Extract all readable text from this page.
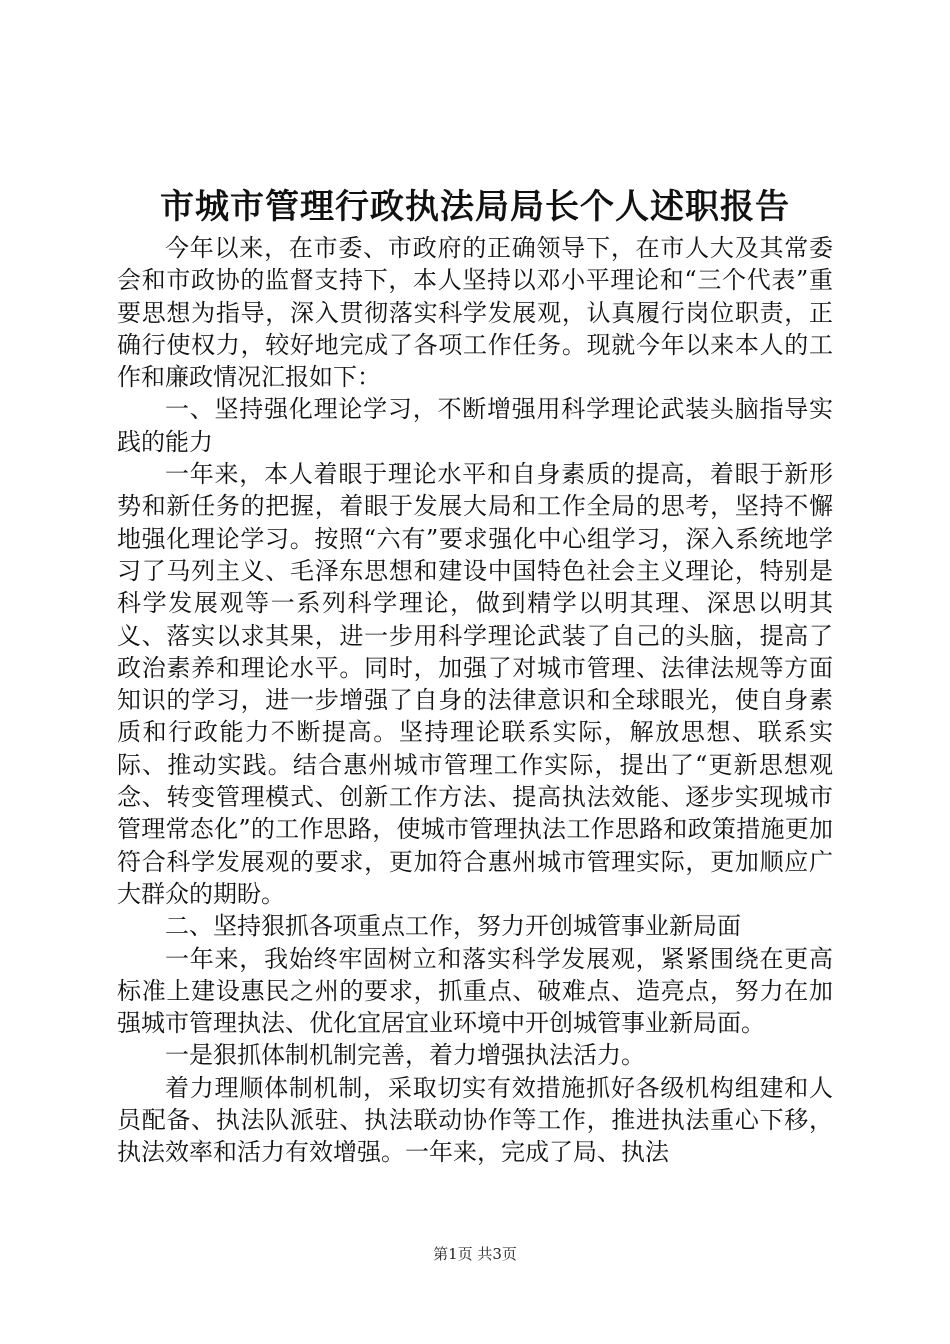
市城市管理行政执法局局长个人述职报告

今年以来，在市委、市政府的正确领导下，在市人大及其常委会和市政协的监督支持下，本人坚持以邓小平理论和“三个代表”重要思想为指导，深入贯彻落实科学发展观，认真履行岗位职责，正确行使权力，较好地完成了各项工作任务。现就今年以来本人的工作和廉政情况汇报如下：

一、坚持强化理论学习，不断增强用科学理论武装头脑指导实践的能力

一年来，本人着眼于理论水平和自身素质的提高，着眼于新形势和新任务的把握，着眼于发展大局和工作全局的思考，坚持不懈地强化理论学习。按照“六有”要求强化中心组学习，深入系统地学习了马列主义、毛泽东思想和建设中国特色社会主义理论，特别是科学发展观等一系列科学理论，做到精学以明其理、深思以明其义、落实以求其果，进一步用科学理论武装了自己的头脑，提高了政治素养和理论水平。同时，加强了对城市管理、法律法规等方面知识的学习，进一步增强了自身的法律意识和全球眼光，使自身素质和行政能力不断提高。坚持理论联系实际，解放思想、联系实际、推动实践。结合惠州城市管理工作实际，提出了“更新思想观念、转变管理模式、创新工作方法、提高执法效能、逐步实现城市管理常态化”的工作思路，使城市管理执法工作思路和政策措施更加符合科学发展观的要求，更加符合惠州城市管理实际，更加顺应广大群众的期盼。

二、坚持狠抓各项重点工作，努力开创城管事业新局面

一年来，我始终牢固树立和落实科学发展观，紧紧围绕在更高标准上建设惠民之州的要求，抓重点、破难点、造亮点，努力在加强城市管理执法、优化宜居宜业环境中开创城管事业新局面。

一是狠抓体制机制完善，着力增强执法活力。

着力理顺体制机制，采取切实有效措施抓好各级机构组建和人员配备、执法队派驻、执法联动协作等工作，推进执法重心下移，执法效率和活力有效增强。一年来，完成了局、执法

第1页 共3页
